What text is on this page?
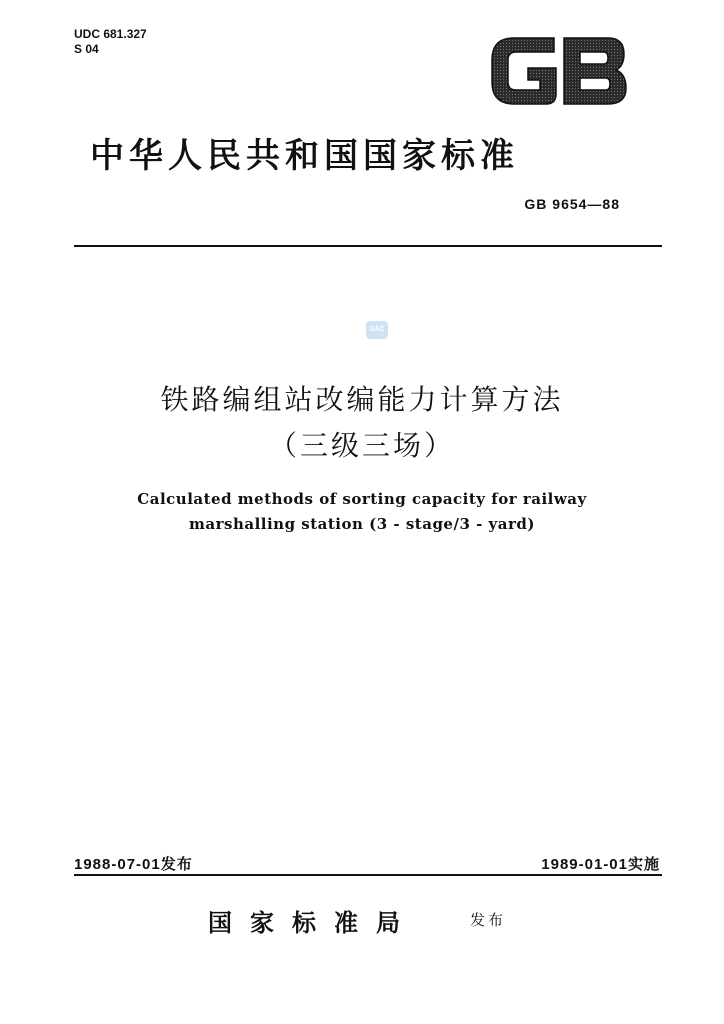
UDC 681.327
S 04
中华人民共和国国家标准
GB 9654—88
SAC
铁路编组站改编能力计算方法
（三级三场）
Calculated methods of sorting capacity for railway
marshalling station (3 - stage/3 - yard)
1988-07-01发布	1989-01-01实施
国家标准局	发布
